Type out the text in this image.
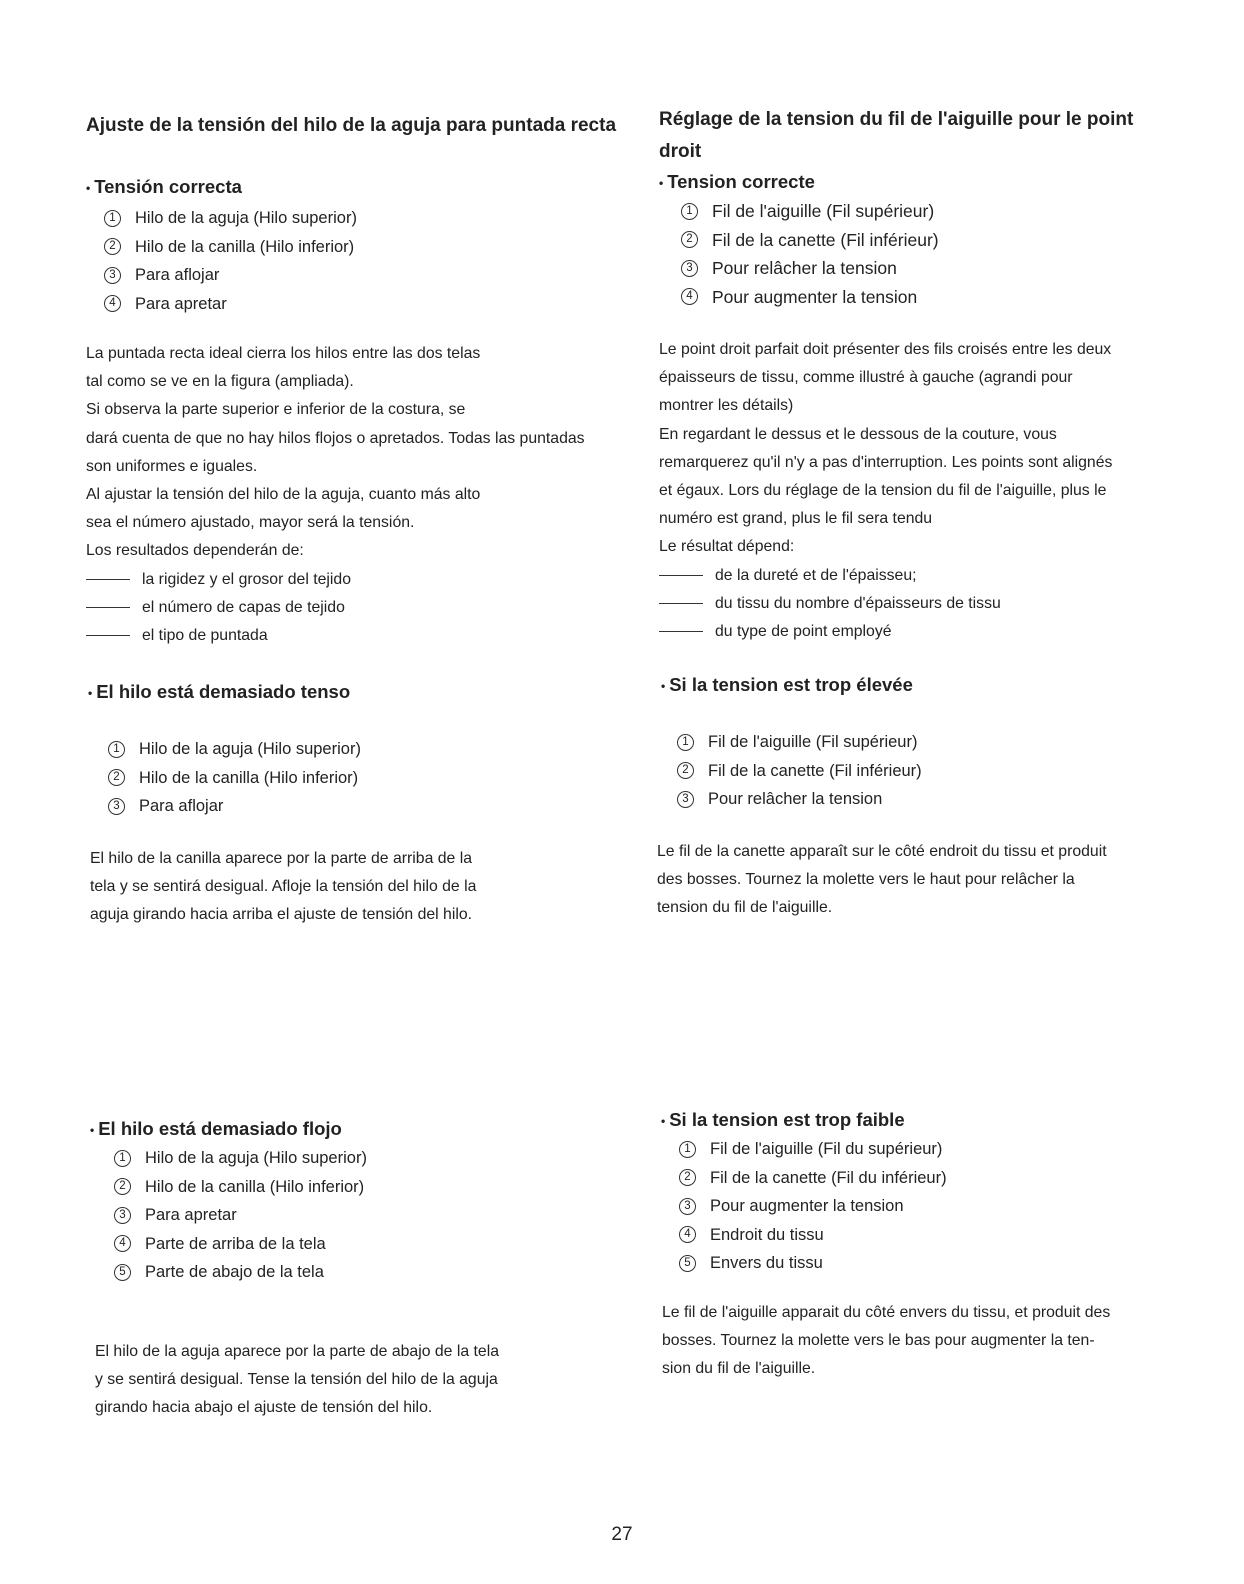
Ajuste de la tensión del hilo de la aguja para puntada recta
• Tensión correcta
1	Hilo de la aguja (Hilo superior)
2	Hilo de la canilla (Hilo inferior)
3	Para aflojar
4	Para apretar

La puntada recta ideal cierra los hilos entre las dos telas

tal como se ve en la figura (ampliada).

Si observa la parte superior e inferior de la costura, se

dará cuenta de que no hay hilos flojos o apretados. Todas las puntadas

son uniformes e iguales.

Al ajustar la tensión del hilo de la aguja, cuanto más alto

sea el número ajustado, mayor será la tensión.

Los resultados dependerán de:

la rigidez y el grosor del tejido

el número de capas de tejido

el tipo de puntada

• El hilo está demasiado tenso
1	Hilo de la aguja (Hilo superior)
2	Hilo de la canilla (Hilo inferior)
3	Para aflojar

El hilo de la canilla aparece por la parte de arriba de la

tela y se sentirá desigual. Afloje la tensión del hilo de la

aguja girando hacia arriba el ajuste de tensión del hilo.

• El hilo está demasiado flojo
1	Hilo de la aguja (Hilo superior)
2	Hilo de la canilla (Hilo inferior)
3	Para apretar
4	Parte de arriba de la tela
5	Parte de abajo de la tela

El hilo de la aguja aparece por la parte de abajo de la tela

y se sentirá desigual. Tense la tensión del hilo de la aguja

girando hacia abajo el ajuste de tensión del hilo.

Réglage de la tension du fil de l'aiguille pour le point
droit
• Tension correcte
1	Fil de l'aiguille (Fil supérieur)
2	Fil de la canette (Fil inférieur)
3	Pour relâcher la tension
4	Pour augmenter la tension

Le point droit parfait doit présenter des fils croisés entre les deux

épaisseurs de tissu, comme illustré à gauche (agrandi pour

montrer les détails)

En regardant le dessus et le dessous de la couture, vous

remarquerez qu'il n'y a pas d'interruption. Les points sont alignés

et égaux. Lors du réglage de la tension du fil de l'aiguille, plus le

numéro est grand, plus le fil sera tendu

Le résultat dépend:

de la dureté et de l'épaisseu;

du tissu du nombre d'épaisseurs de tissu

du type de point employé

• Si la tension est trop élevée
1	Fil de l'aiguille (Fil supérieur)
2	Fil de la canette (Fil inférieur)
3	Pour relâcher la tension

Le fil de la canette apparaît sur le côté endroit du tissu et produit

des bosses. Tournez la molette vers le haut pour relâcher la

tension du fil de l'aiguille.

• Si la tension est trop faible
1	Fil de l'aiguille (Fil du supérieur)
2	Fil de la canette (Fil du inférieur)
3	Pour augmenter la tension
4	Endroit du tissu
5	Envers du tissu

Le fil de l'aiguille apparait du côté envers du tissu, et produit des

bosses. Tournez la molette vers le bas pour augmenter la ten-

sion du fil de l'aiguille.

27
